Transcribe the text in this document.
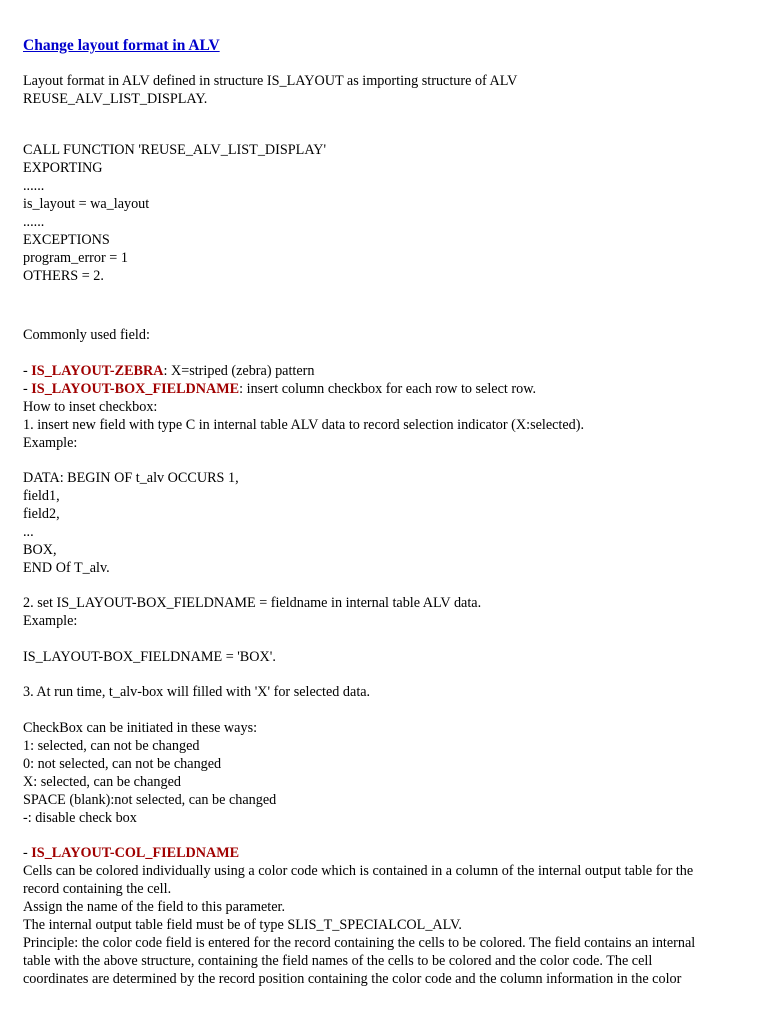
Change layout format in ALV
Layout format in ALV defined in structure IS_LAYOUT as importing structure of ALV
REUSE_ALV_LIST_DISPLAY.
CALL FUNCTION 'REUSE_ALV_LIST_DISPLAY'
EXPORTING
......
is_layout = wa_layout
......
EXCEPTIONS
program_error = 1
OTHERS = 2.
Commonly used field:
- IS_LAYOUT-ZEBRA: X=striped (zebra) pattern
- IS_LAYOUT-BOX_FIELDNAME: insert column checkbox for each row to select row.
How to inset checkbox:
1. insert new field with type C in internal table ALV data to record selection indicator (X:selected).
Example:
DATA: BEGIN OF t_alv OCCURS 1,
field1,
field2,
...
BOX,
END Of T_alv.
2. set IS_LAYOUT-BOX_FIELDNAME = fieldname in internal table ALV data.
Example:
IS_LAYOUT-BOX_FIELDNAME = 'BOX'.
3. At run time, t_alv-box will filled with 'X' for selected data.
CheckBox can be initiated in these ways:
1: selected, can not be changed
0: not selected, can not be changed
X: selected, can be changed
SPACE (blank):not selected, can be changed
-: disable check box
- IS_LAYOUT-COL_FIELDNAME
Cells can be colored individually using a color code which is contained in a column of the internal output table for the
record containing the cell.
Assign the name of the field to this parameter.
The internal output table field must be of type SLIS_T_SPECIALCOL_ALV.
Principle: the color code field is entered for the record containing the cells to be colored. The field contains an internal
table with the above structure, containing the field names of the cells to be colored and the color code. The cell
coordinates are determined by the record position containing the color code and the column information in the color
